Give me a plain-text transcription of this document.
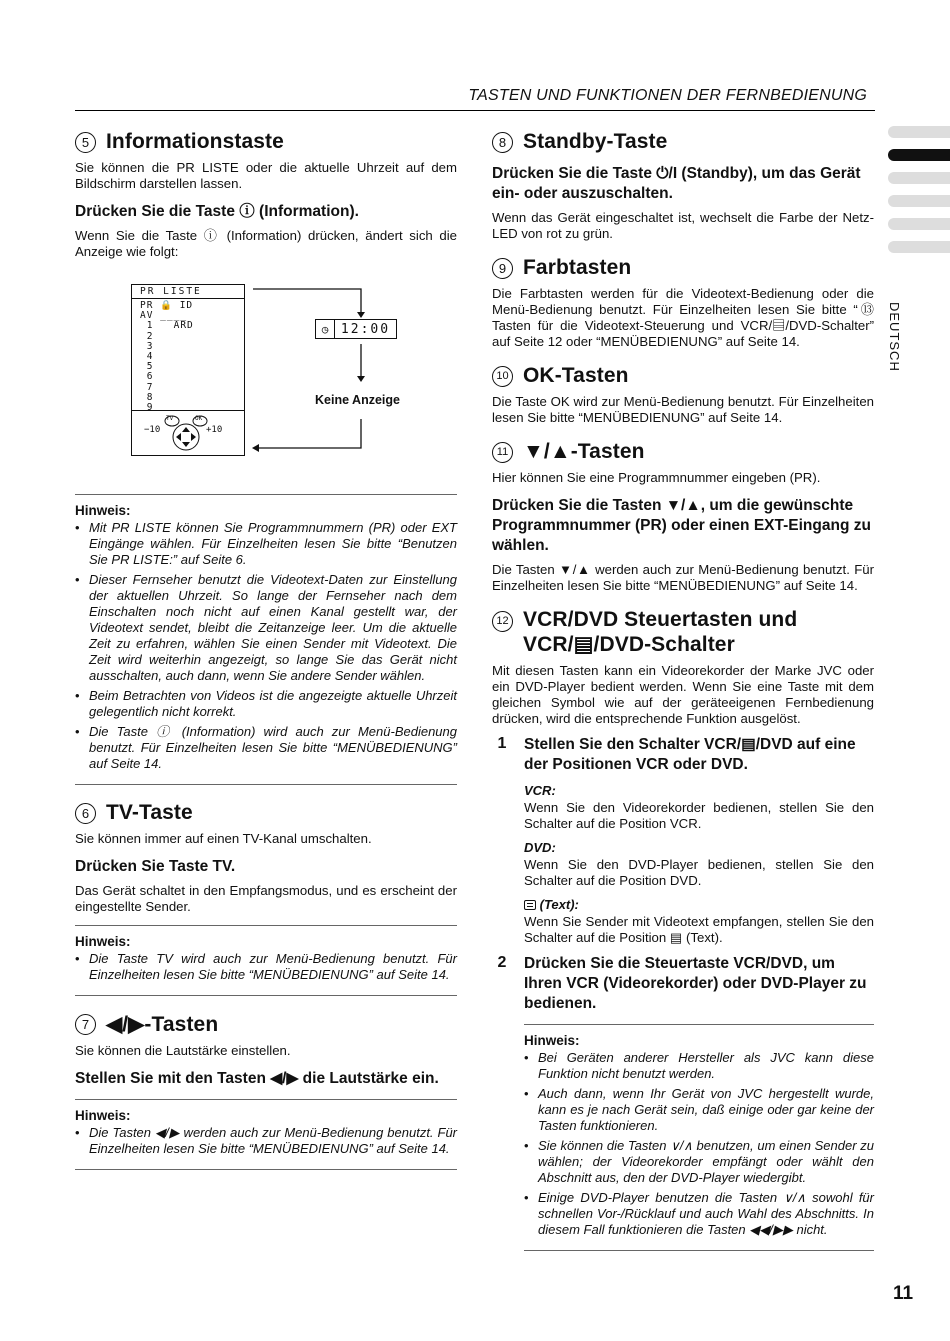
TASTEN UND FUNKTIONEN DER FERNBEDIENUNG
DEUTSCH
5 Informationstaste

Sie können die PR LISTE oder die aktuelle Uhrzeit auf dem Bildschirm darstellen lassen.

Drücken Sie die Taste ⓘ (Information).

Wenn Sie die Taste ⓘ (Information) drücken, ändert sich die Anzeige wie folgt:

PR LISTE
PR 🔒 ID
AV ____
1   ARD
2
3
4
5
6
7
8
9
TV	OK
−10	+10
◷ 12:00
Keine Anzeige
Hinweis:
• Mit PR LISTE können Sie Programmnummern (PR) oder EXT Eingänge wählen. Für Einzelheiten lesen Sie bitte “Benutzen Sie PR LISTE:” auf Seite 6.
• Dieser Fernseher benutzt die Videotext-Daten zur Einstellung der aktuellen Uhrzeit. So lange der Fernseher nach dem Einschalten noch nicht auf einen Kanal gestellt war, der Videotext sendet, bleibt die Zeitanzeige leer. Um die aktuelle Zeit zu erfahren, wählen Sie einen Sender mit Videotext. Die Zeit wird weiterhin angezeigt, so lange Sie das Gerät nicht ausschalten, auch dann, wenn Sie andere Sender wählen.
• Beim Betrachten von Videos ist die angezeigte aktuelle Uhrzeit gelegentlich nicht korrekt.
• Die Taste ⓘ (Information) wird auch zur Menü-Bedienung benutzt. Für Einzelheiten lesen Sie bitte “MENÜBEDIENUNG” auf Seite 14.
6 TV-Taste

Sie können immer auf einen TV-Kanal umschalten.

Drücken Sie Taste TV.

Das Gerät schaltet in den Empfangsmodus, und es erscheint der eingestellte Sender.

Hinweis:
• Die Taste TV wird auch zur Menü-Bedienung benutzt. Für Einzelheiten lesen Sie bitte “MENÜBEDIENUNG” auf Seite 14.
7 ◀/▶-Tasten

Sie können die Lautstärke einstellen.

Stellen Sie mit den Tasten ◀/▶ die Lautstärke ein.
Hinweis:
• Die Tasten ◀/▶ werden auch zur Menü-Bedienung benutzt. Für Einzelheiten lesen Sie bitte “MENÜBEDIENUNG” auf Seite 14.
8 Standby-Taste
Drücken Sie die Taste ⏻/I (Standby), um das Gerät ein- oder auszuschalten.

Wenn das Gerät eingeschaltet ist, wechselt die Farbe der Netz-LED von rot zu grün.

9 Farbtasten

Die Farbtasten werden für die Videotext-Bedienung oder die Menü-Bedienung benutzt. Für Einzelheiten lesen Sie bitte “⑬ Tasten für die Videotext-Steuerung und VCR/▤/DVD-Schalter” auf Seite 12 oder “MENÜBEDIENUNG” auf Seite 14.

10 OK-Tasten

Die Taste OK wird zur Menü-Bedienung benutzt. Für Einzelheiten lesen Sie bitte “MENÜBEDIENUNG” auf Seite 14.

11 ▼/▲-Tasten

Hier können Sie eine Programmnummer eingeben (PR).

Drücken Sie die Tasten ▼/▲, um die gewünschte Programmnummer (PR) oder einen EXT-Eingang zu wählen.

Die Tasten ▼/▲ werden auch zur Menü-Bedienung benutzt. Für Einzelheiten lesen Sie bitte “MENÜBEDIENUNG” auf Seite 14.

12 VCR/DVD Steuertasten und
VCR/▤/DVD-Schalter

Mit diesen Tasten kann ein Videorekorder der Marke JVC oder ein DVD-Player bedient werden. Wenn Sie eine Taste mit dem gleichen Symbol wie auf der geräteeigenen Fernbedienung drücken, wird die entsprechende Funktion ausgelöst.

1	Stellen Sie den Schalter VCR/▤/DVD auf eine der Positionen VCR oder DVD.
VCR:

Wenn Sie den Videorekorder bedienen, stellen Sie den Schalter auf die Position VCR.

DVD:

Wenn Sie den DVD-Player bedienen, stellen Sie den Schalter auf die Position DVD.

(Text):

Wenn Sie Sender mit Videotext empfangen, stellen Sie den Schalter auf die Position ▤ (Text).

2	Drücken Sie die Steuertaste VCR/DVD, um Ihren VCR (Videorekorder) oder DVD-Player zu bedienen.
Hinweis:
• Bei Geräten anderer Hersteller als JVC kann diese Funktion nicht benutzt werden.
• Auch dann, wenn Ihr Gerät von JVC hergestellt wurde, kann es je nach Gerät sein, daß einige oder gar keine der Tasten funktionieren.
• Sie können die Tasten ∨/∧ benutzen, um einen Sender zu wählen; der Videorekorder empfängt oder wählt den Abschnitt aus, den der DVD-Player wiedergibt.
• Einige DVD-Player benutzen die Tasten ∨/∧ sowohl für schnellen Vor-/Rücklauf und auch Wahl des Abschnitts. In diesem Fall funktionieren die Tasten ◀◀/▶▶ nicht.
11
